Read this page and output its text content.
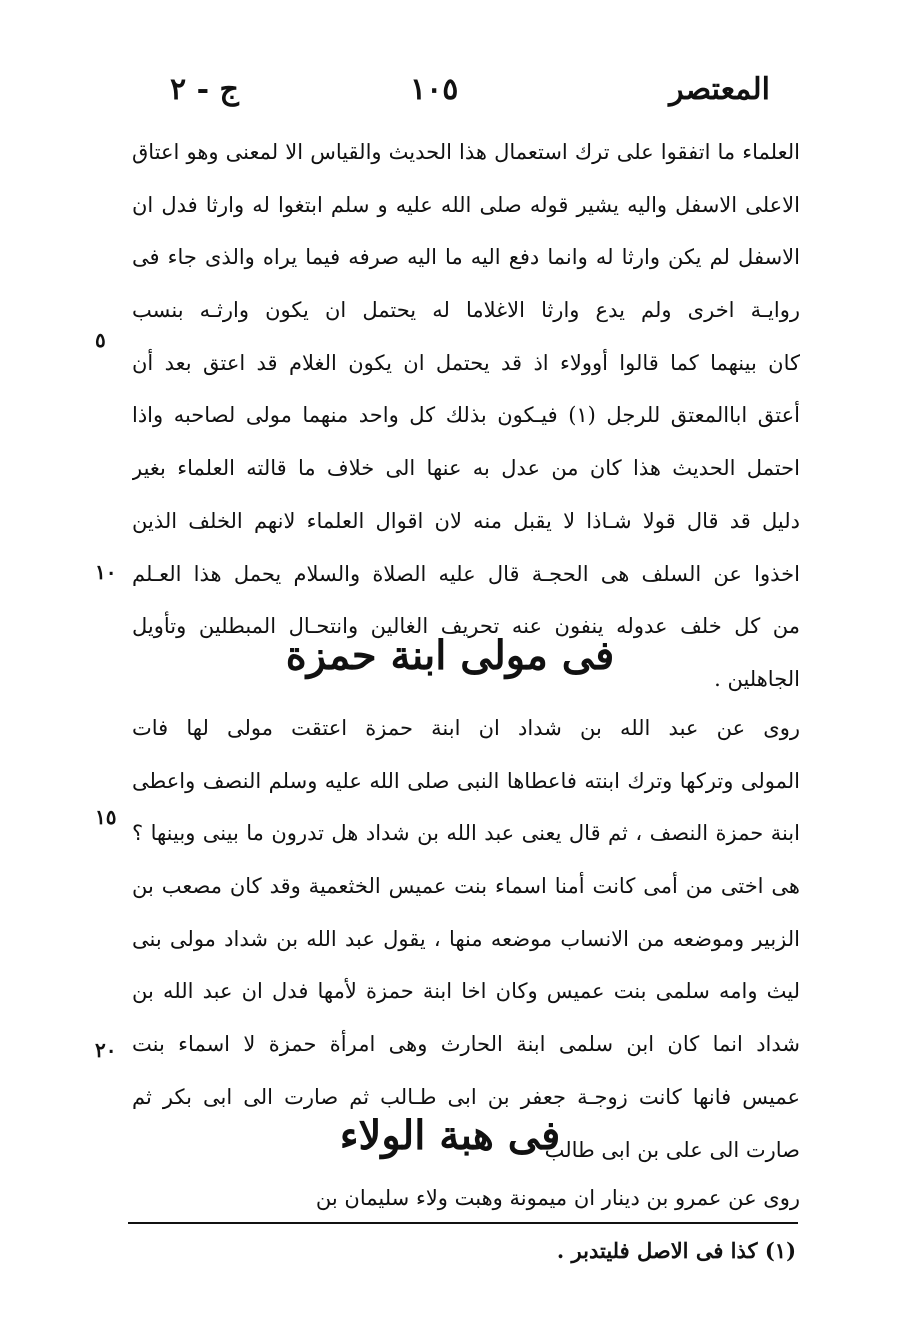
المعتصر
١٠٥
ج - ٢
العلماء ما اتفقوا على ترك استعمال هذا الحديث والقياس الا لمعنى وهو اعتاق
الاعلى الاسفل واليه يشير قوله صلى الله عليه و سلم ابتغوا له وارثا فدل ان
الاسفل لم يكن وارثا له وانما دفع اليه ما اليه صرفه فيما يراه والذى جاء فى
روايـة اخرى ولم يدع وارثا الاغلاما له يحتمل ان يكون وارثـه بنسب
كان بينهما كما قالوا أوولاء اذ قد يحتمل ان يكون الغلام قد اعتق بعد أن
أعتق اباالمعتق للرجل (١) فيـكون بذلك كل واحد منهما مولى لصاحبه واذا
احتمل الحديث هذا كان من عدل به عنها الى خلاف ما قالته العلماء بغير
دليل قد قال قولا شـاذا لا يقبل منه لان اقوال العلماء لانهم الخلف الذين
اخذوا عن السلف هى الحجـة قال عليه الصلاة والسلام يحمل هذا العـلم
من كل خلف عدوله ينفون عنه تحريف الغالين وانتحـال المبطلين وتأويل
الجاهلين .
٥
١٠
فى مولى ابنة حمزة
روى عن عبد الله بن شداد ان ابنة حمزة اعتقت مولى لها فات
المولى وتركها وترك ابنته فاعطاها النبى صلى الله عليه وسلم النصف واعطى
ابنة حمزة النصف ، ثم قال يعنى عبد الله بن شداد هل تدرون ما بينى وبينها ؟
هى اختى من أمى كانت أمنا اسماء بنت عميس الخثعمية وقد كان مصعب بن
الزبير وموضعه من الانساب موضعه منها ، يقول عبد الله بن شداد مولى بنى
ليث وامه سلمى بنت عميس وكان اخا ابنة حمزة لأمها فدل ان عبد الله بن
شداد انما كان ابن سلمى ابنة الحارث وهى امرأة حمزة لا اسماء بنت
عميس فانها كانت زوجـة جعفر بن ابى طـالب ثم صارت الى ابى بكر ثم
صارت الى على بن ابى طالب
١٥
٢٠
فى هبة الولاء
روى عن عمرو بن دينار ان ميمونة وهبت ولاء سليمان بن
(١) كذا فى الاصل فليتدبر .
